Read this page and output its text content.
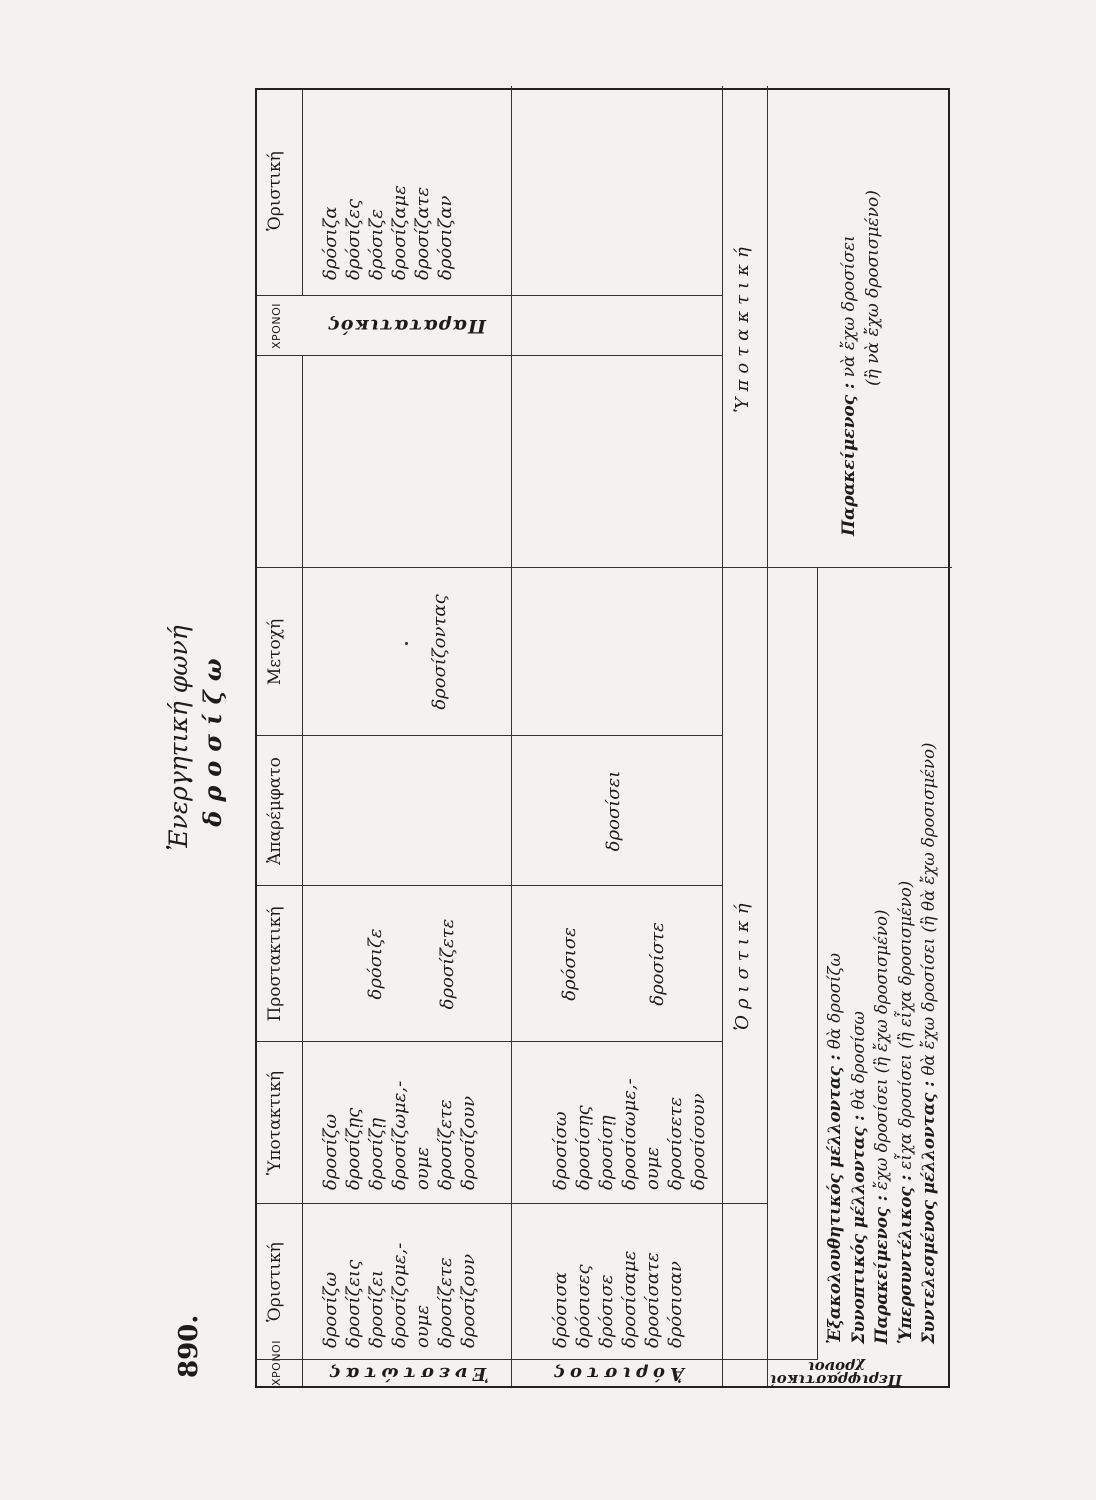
890.
Ἐνεργητική φωνή δροσίζω
ΧΡΟΝΟΙ
Ὁριστική
Ὑποτακτική
Προστακτική
Ἀπαρέμφατο
Μετοχή
ΧΡΟΝΟΙ
Ὁριστική
Ἐνεστώτας
δροσίζω δροσίζεις δροσίζει δροσίζομε,-ουμε δροσίζετε δροσίζουν
δροσίζω δροσίζῃς δροσίζῃ δροσίζωμε,-ουμε δροσίζετε δροσίζουν
δρόσιζε	δροσίζετε
δροσίζοντας
Ἀόριστος
δρόσισα δρόσισες δρόσισε δροσίσαμε δροσίσατε δρόσισαν
δροσίσω δροσίσῃς δροσίσῃ δροσίσωμε,-ουμε δροσίσετε δροσίσουν
δρόσισε	δροσίστε
δροσίσει
Παρατατικός
δρόσιζα δρόσιζες δρόσιζε δροσίζαμε δροσίζατε δρόσιζαν
Ὁριστική
Ὑποτακτική
Περιφραστικοί
χρόνοι
Ἐξακολουθητικός μέλλοντας : θὰ δροσίζω
Συνοπτικός μέλλοντας : θὰ δροσίσω
Παρακείμενος : ἔχω δροσίσει (ἢ ἔχω δροσισμένο)
Ὑπερσυντέλικος : εἶχα δροσίσει (ἢ εἶχα δροσισμένο)
Συντελεσμένος μέλλοντας : θὰ ἔχω δροσίσει (ἢ θὰ ἔχω δροσισμένο)
Παρακείμενος : νὰ ἔχω δροσίσει (ἢ νὰ ἔχω δροσισμένο)
